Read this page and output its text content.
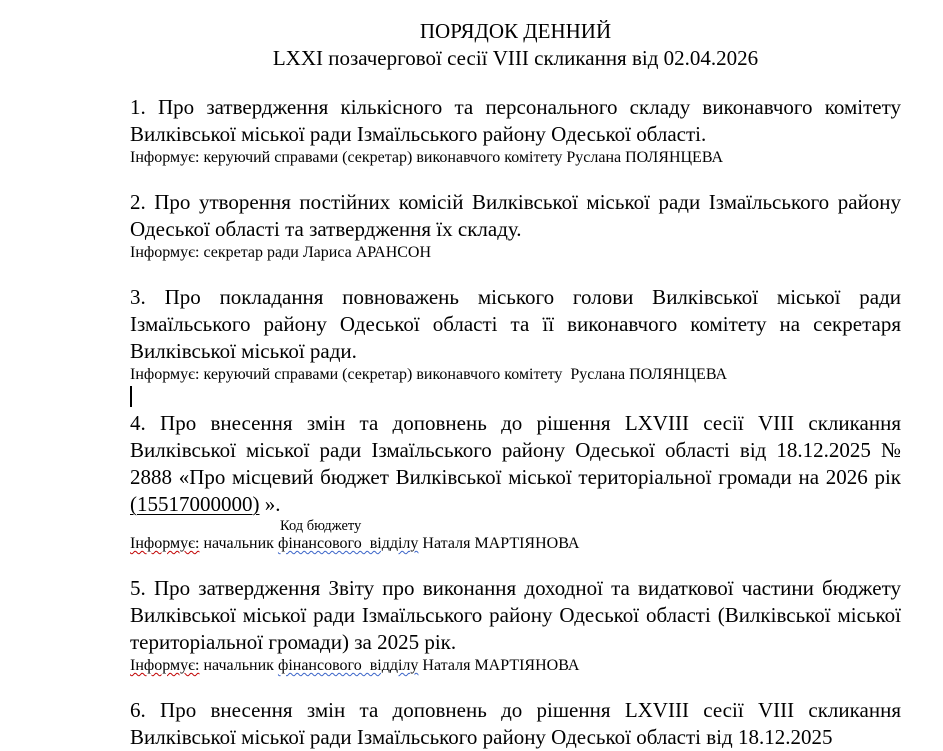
ПОРЯДОК ДЕННИЙ
LXXI позачергової сесії VIII скликання від 02.04.2026

1. Про затвердження кількісного та персонального складу виконавчого комітету Вилківської міської ради Ізмаїльського району Одеської області.

Інформує: керуючий справами (секретар) виконавчого комітету Руслана ПОЛЯНЦЕВА

2. Про утворення постійних комісій Вилківської міської ради Ізмаїльського району Одеської області та затвердження їх складу.

Інформує: секретар ради Лариса АРАНСОН

3. Про покладання повноважень міського голови Вилківської міської ради Ізмаїльського району Одеської області та її виконавчого комітету на секретаря Вилківської міської ради.

Інформує: керуючий справами (секретар) виконавчого комітету  Руслана ПОЛЯНЦЕВА

4. Про внесення змін та доповнень до рішення LXVIII сесії VIII скликання Вилківської міської ради Ізмаїльського району Одеської області від 18.12.2025 № 2888 «Про місцевий бюджет Вилківської міської територіальної громади на 2026 рік (15517000000) ».

Код бюджету

Інформує: начальник фінансового  відділу Наталя МАРТІЯНОВА

5. Про затвердження Звіту про виконання доходної та видаткової частини бюджету Вилківської міської ради Ізмаїльського району Одеської області (Вилківської міської територіальної громади) за 2025 рік.

Інформує: начальник фінансового  відділу Наталя МАРТІЯНОВА

6. Про внесення змін та доповнень до рішення LXVIII сесії VIII скликання Вилківської міської ради Ізмаїльського району Одеської області від 18.12.2025
